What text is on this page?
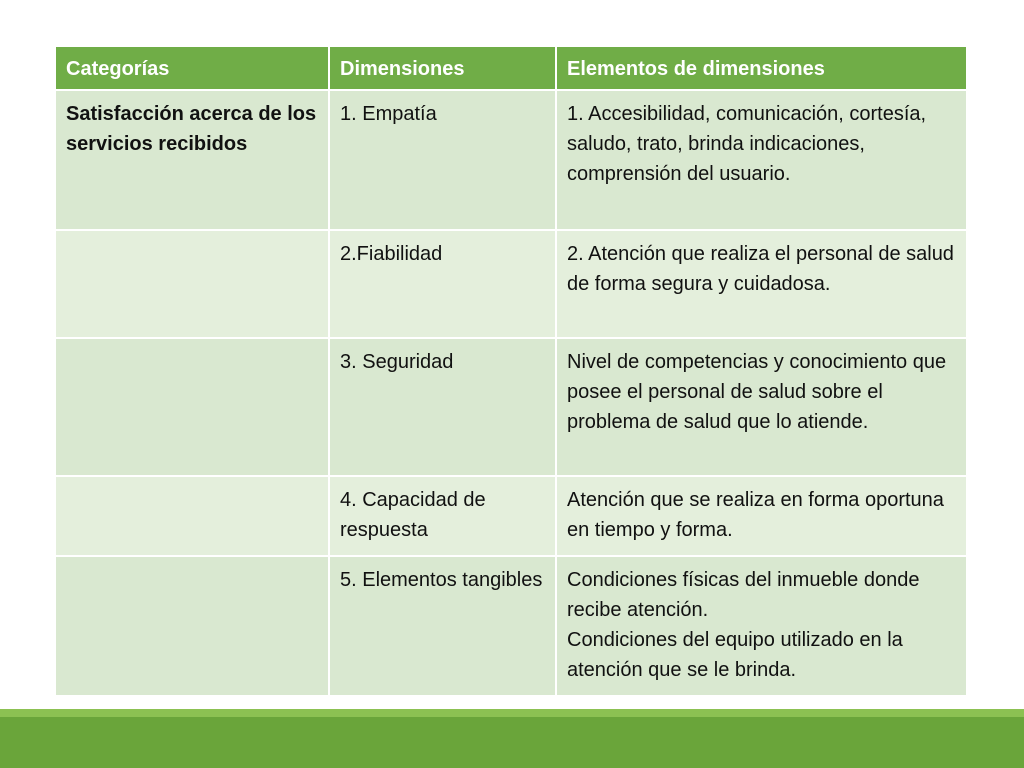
Categorías	Dimensiones	Elementos de dimensiones
Satisfacción acerca de los servicios recibidos	1. Empatía	1. Accesibilidad, comunicación, cortesía, saludo, trato, brinda indicaciones, comprensión del usuario.
	2.Fiabilidad	2. Atención que realiza el personal de salud de forma segura y cuidadosa.
	3. Seguridad	Nivel de competencias y conocimiento que posee el personal de salud sobre el problema de salud que lo atiende.
	4. Capacidad de respuesta	Atención que se realiza en forma oportuna en tiempo y forma.
	5. Elementos tangibles	Condiciones físicas del inmueble donde recibe atención.
Condiciones del equipo utilizado en la atención que se le brinda.
